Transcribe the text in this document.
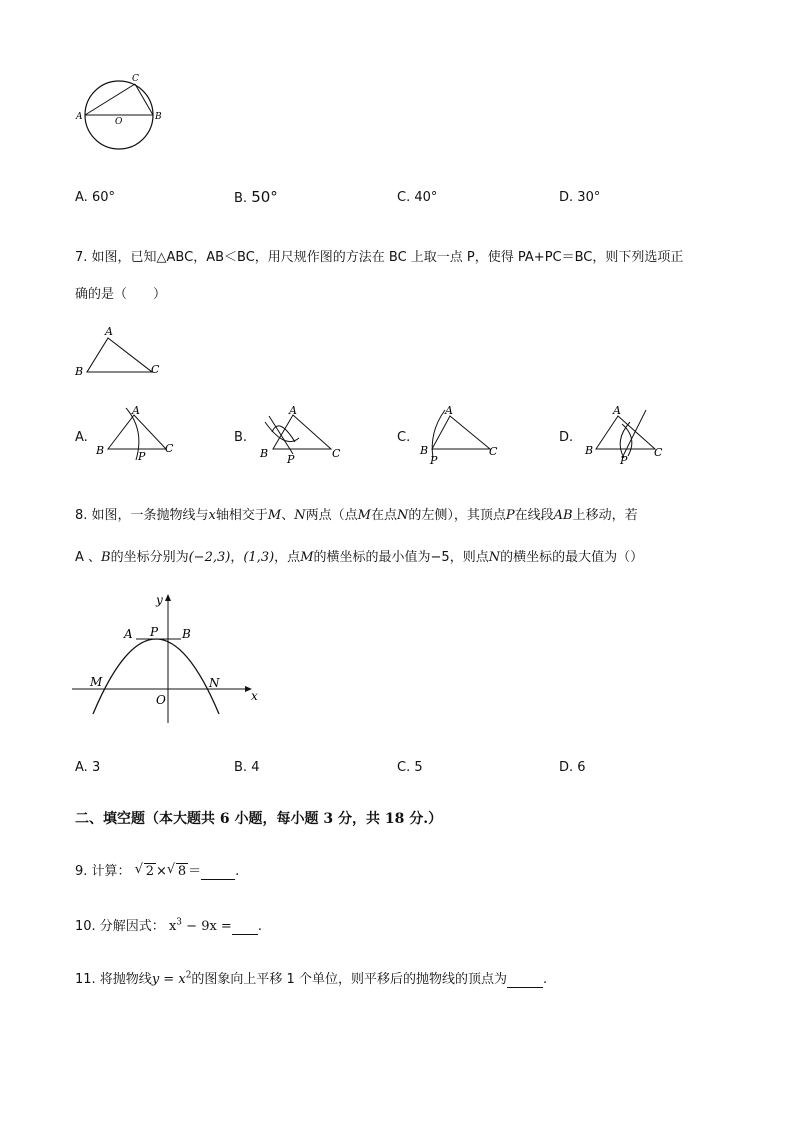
A	B
C
O
A. 60°	B. 50°	C. 40°	D. 30°
7. 如图，已知△ABC，AB＜BC，用尺规作图的方法在 BC 上取一点 P，使得 PA+PC＝BC，则下列选项正
确的是（　　）
A
B	C
A.
A
B	C
P
B.
A
B	C
P
C.
A
B	C
P
D.
A
B	C
P
8. 如图，一条抛物线与x轴相交于M、N两点（点M在点N的左侧），其顶点P在线段AB上移动，若
A 、B的坐标分别为(−2,3)，(1,3)，点M的横坐标的最小值为−5，则点N的横坐标的最大值为（）
y
x
A P B
M	N
O
A. 3	B. 4	C. 5	D. 6
二、填空题（本大题共 6 小题，每小题 3 分，共 18 分.）
9. 计算： √ 2 × √ 8 ＝	.
10. 分解因式： $x^3 - 9x$ = .
11. 将抛物线$y = x^2$的图象向上平移 1 个单位，则平移后的抛物线的顶点为	.
